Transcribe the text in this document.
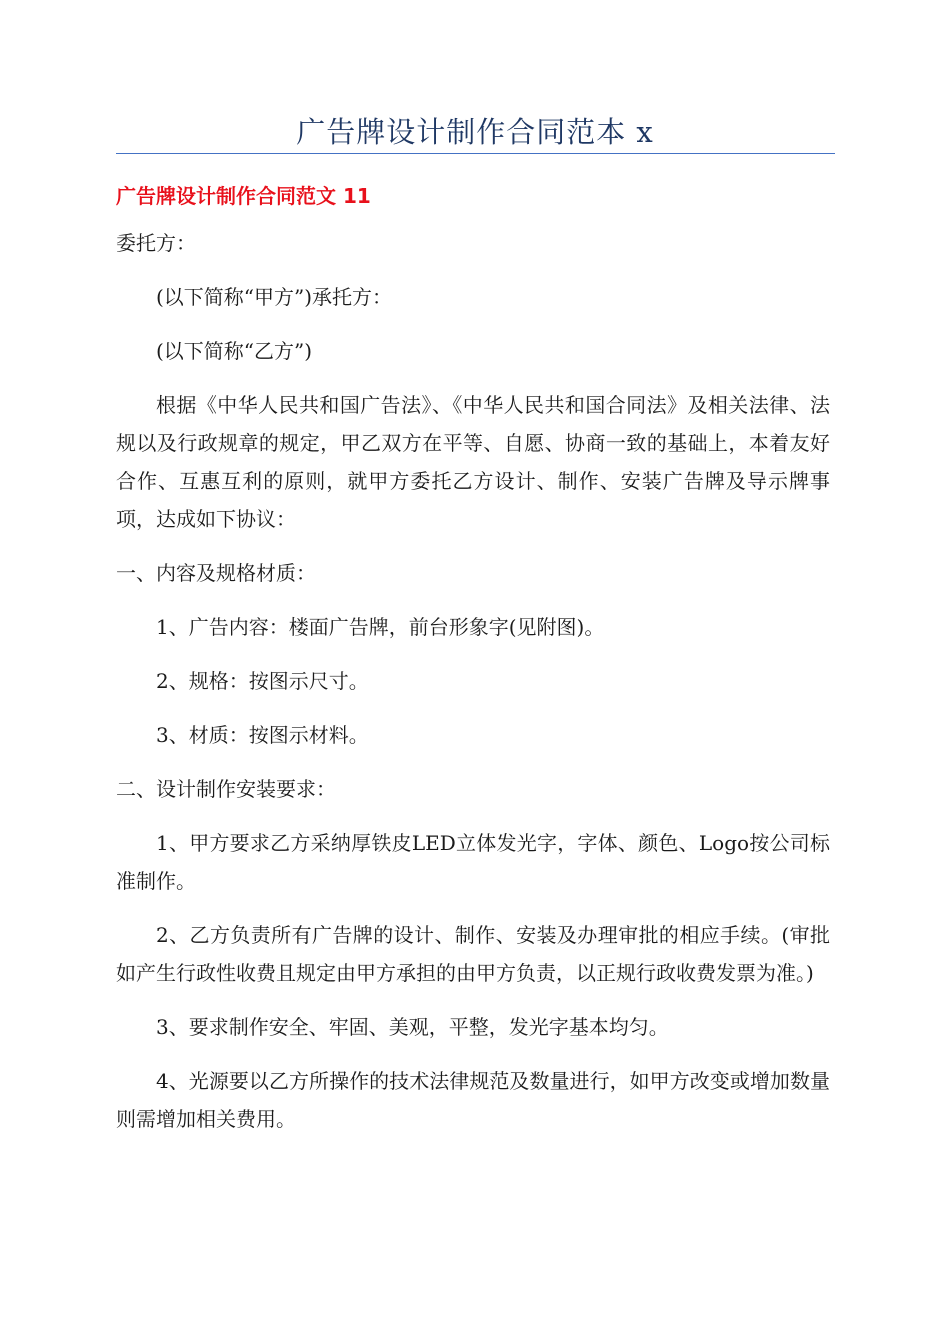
广告牌设计制作合同范本 x
广告牌设计制作合同范文 11

委托方：

(以下简称“甲方”)承托方：

(以下简称“乙方”)

根据《中华人民共和国广告法》、《中华人民共和国合同法》及相关法律、法规以及行政规章的规定，甲乙双方在平等、自愿、协商一致的基础上，本着友好合作、互惠互利的原则，就甲方委托乙方设计、制作、安装广告牌及导示牌事项，达成如下协议：

一、内容及规格材质：

1、广告内容：楼面广告牌，前台形象字(见附图)。

2、规格：按图示尺寸。

3、材质：按图示材料。

二、设计制作安装要求：

1、甲方要求乙方采纳厚铁皮LED立体发光字，字体、颜色、Logo按公司标准制作。

2、乙方负责所有广告牌的设计、制作、安装及办理审批的相应手续。(审批如产生行政性收费且规定由甲方承担的由甲方负责，以正规行政收费发票为准。)

3、要求制作安全、牢固、美观，平整，发光字基本均匀。

4、光源要以乙方所操作的技术法律规范及数量进行，如甲方改变或增加数量则需增加相关费用。
